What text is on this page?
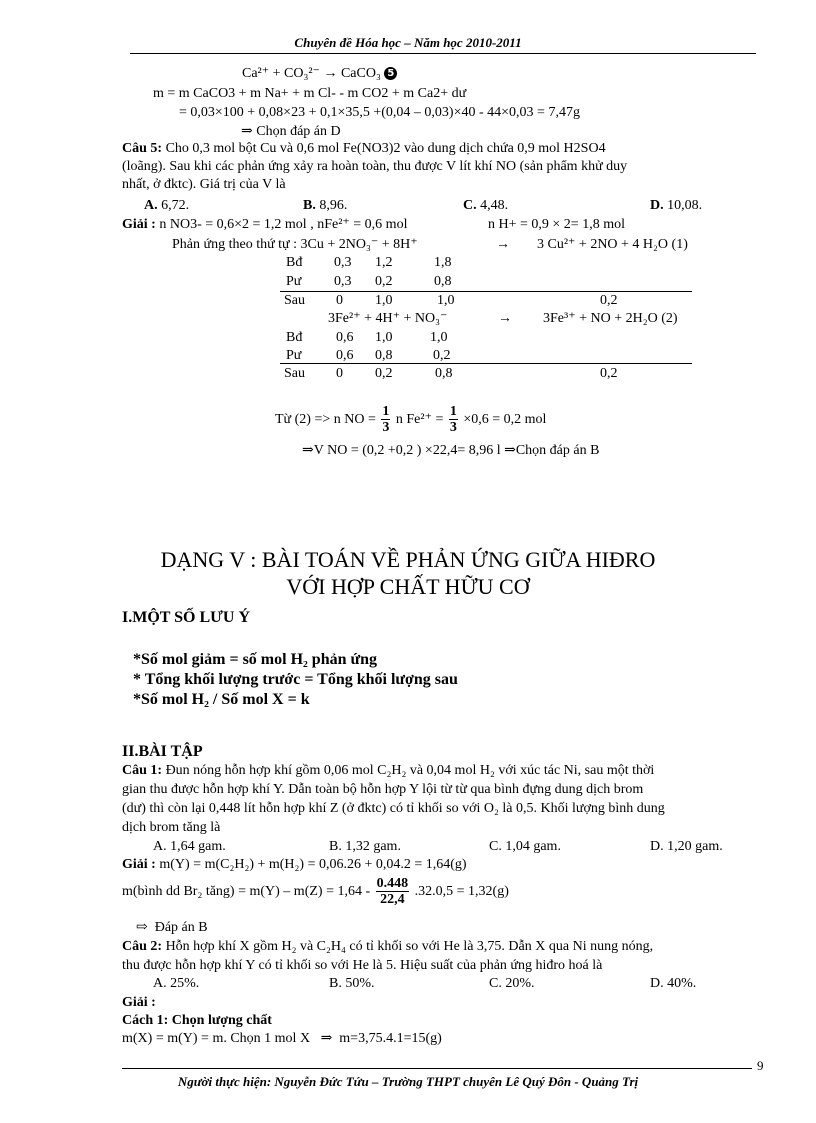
Chuyên đề Hóa học – Năm học 2010-2011
Ca²⁺ + CO₃²⁻ → CaCO₃ 5
m = m CaCO3 + m Na+ + m Cl- - m CO2 + m Ca2+ dư
= 0,03×100 + 0,08×23 + 0,1×35,5 +(0,04 – 0,03)×40 - 44×0,03 = 7,47g
⇒ Chọn đáp án D
Câu 5: Cho 0,3 mol bột Cu và 0,6 mol Fe(NO3)2 vào dung dịch chứa 0,9 mol H2SO4
(loãng). Sau khi các phản ứng xảy ra hoàn toàn, thu được V lít khí NO (sản phẩm khử duy
nhất, ở đktc). Giá trị của V là
A. 6,72.	B. 8,96.	C. 4,48.	D. 10,08.
Giải : n NO3- = 0,6×2 = 1,2 mol , nFe²⁺ = 0,6 mol	n H+ = 0,9 × 2= 1,8 mol
Phản ứng theo thứ tự : 3Cu + 2NO₃⁻ + 8H⁺	→ 3 Cu²⁺ + 2NO + 4 H₂O (1)
Bđ 0,3 1,2	1,8
Pư 0,3 0,2	0,8
Sau 0 1,0	1,0	0,2
3Fe²⁺ + 4H⁺ + NO₃⁻	→ 3Fe³⁺ + NO + 2H₂O (2)
Bđ 0,6 1,0	1,0
Pư 0,6 0,8	0,2
Sau 0 0,2	0,8	0,2
Từ (2) => n NO = $\frac{1}{3}$ n $Fe^{2+} = \frac{1}{3} \times 0,6 = 0,2$ mol
⇒V NO = (0,2 +0,2 ) ×22,4= 8,96 l ⇒Chọn đáp án B
DẠNG V : BÀI TOÁN VỀ PHẢN ỨNG GIỮA HIĐRO
VỚI HỢP CHẤT HỮU CƠ
I.MỘT SỐ LƯU Ý
*Số mol giảm = số mol H₂ phản ứng
* Tổng khối lượng trước = Tổng khối lượng sau
*Số mol H₂ / Số mol X = k
II.BÀI TẬP
Câu 1: Đun nóng hỗn hợp khí gồm 0,06 mol C₂H₂ và 0,04 mol H₂ với xúc tác Ni, sau một thời
gian thu được hỗn hợp khí Y. Dẫn toàn bộ hỗn hợp Y lội từ từ qua bình đựng dung dịch brom
(dư) thì còn lại 0,448 lít hỗn hợp khí Z (ở đktc) có tỉ khối so với O₂ là 0,5. Khối lượng bình dung
dịch brom tăng là
A. 1,64 gam.	B. 1,32 gam.	C. 1,04 gam.	D. 1,20 gam.
Giải : m(Y) = m(C₂H₂) + m(H₂) = 0,06.26 + 0,04.2 = 1,64(g)
m(bình dd Br₂ tăng) = $m(Y) - m(Z) = 1,64 - \frac{0.448}{22,4} .32.0,5 = 1,32(g)$
⇨ Đáp án B
Câu 2: Hỗn hợp khí X gồm H₂ và C₂H₄ có tỉ khối so với He là 3,75. Dẫn X qua Ni nung nóng,
thu được hỗn hợp khí Y có tỉ khối so với He là 5. Hiệu suất của phản ứng hiđro hoá là
A. 25%.	B. 50%.	C. 20%.	D. 40%.
Giải :
Cách 1: Chọn lượng chất
m(X) = m(Y) = m. Chọn 1 mol X ⇒ m=3,75.4.1=15(g)
9
Người thực hiện: Nguyễn Đức Tứu – Trường THPT chuyên Lê Quý Đôn - Quảng Trị
